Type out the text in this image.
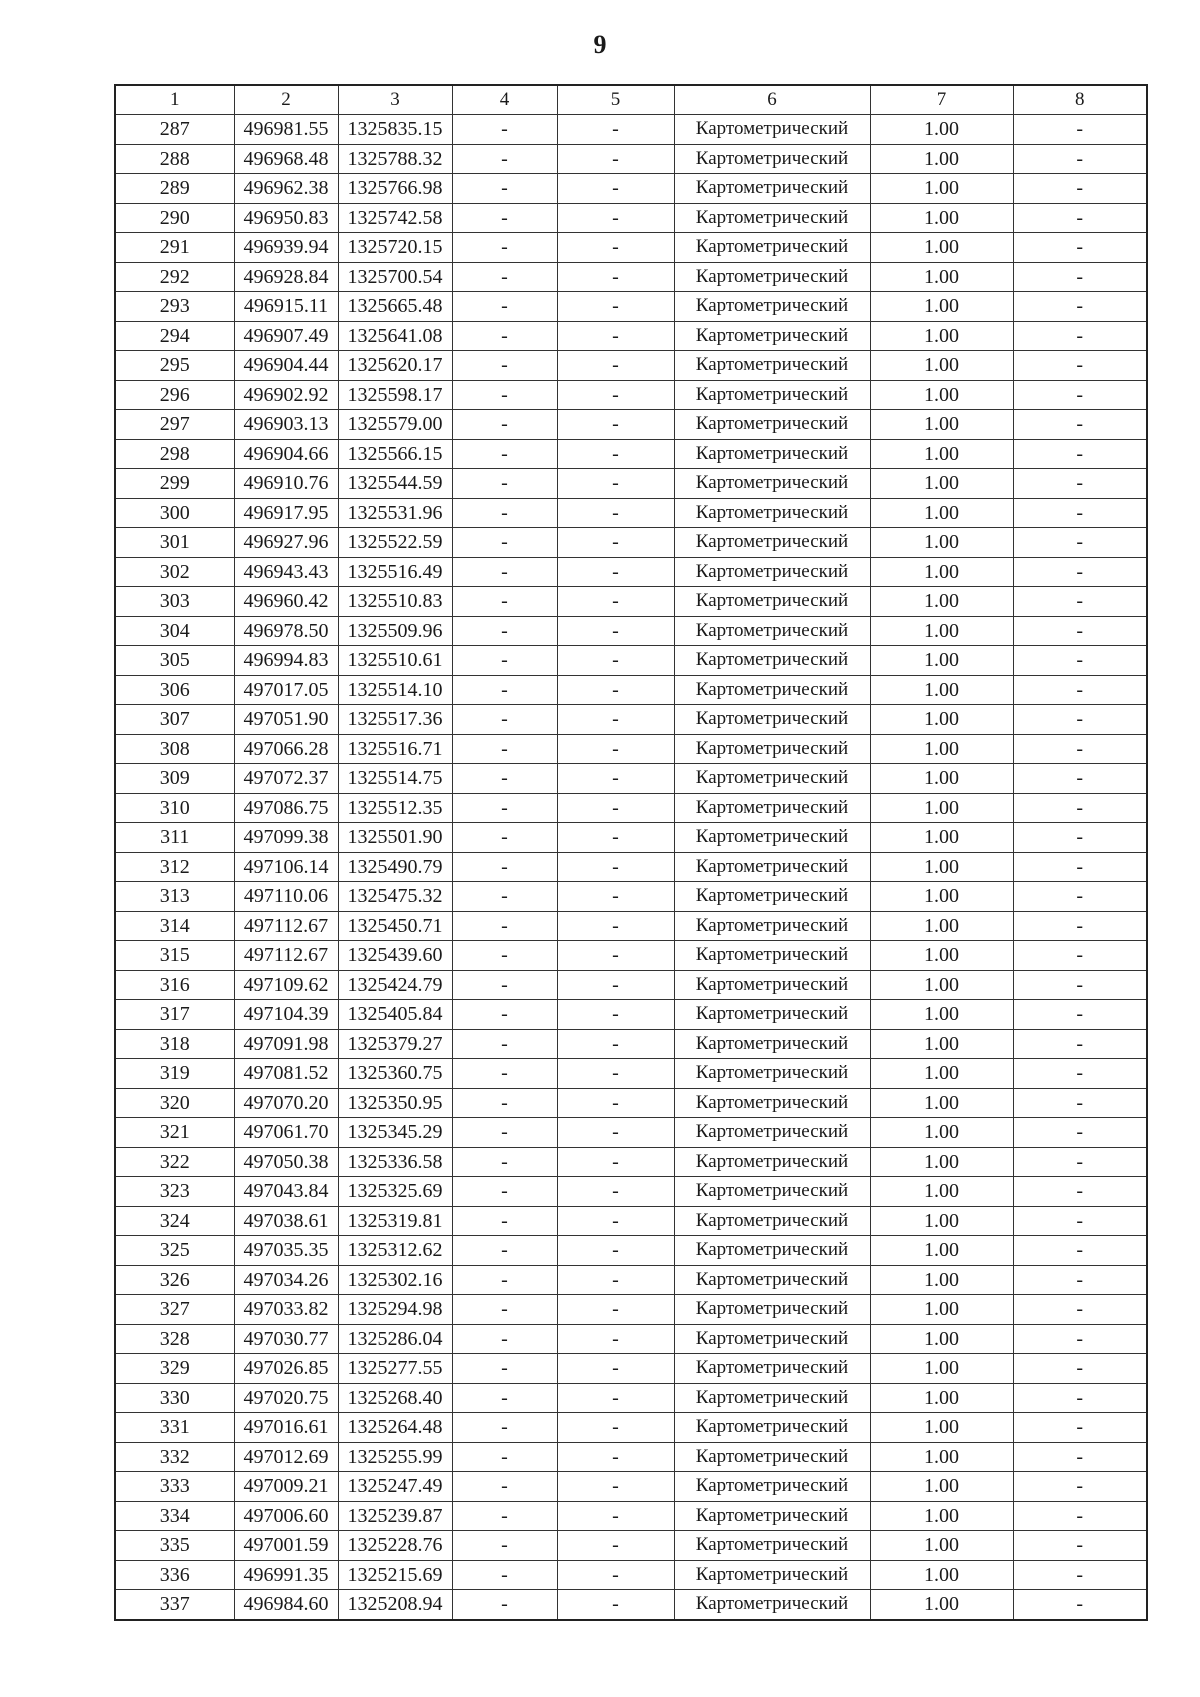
9
1	2	3	4	5	6	7	8
287	496981.55	1325835.15	-	-	Картометрический	1.00	-
288	496968.48	1325788.32	-	-	Картометрический	1.00	-
289	496962.38	1325766.98	-	-	Картометрический	1.00	-
290	496950.83	1325742.58	-	-	Картометрический	1.00	-
291	496939.94	1325720.15	-	-	Картометрический	1.00	-
292	496928.84	1325700.54	-	-	Картометрический	1.00	-
293	496915.11	1325665.48	-	-	Картометрический	1.00	-
294	496907.49	1325641.08	-	-	Картометрический	1.00	-
295	496904.44	1325620.17	-	-	Картометрический	1.00	-
296	496902.92	1325598.17	-	-	Картометрический	1.00	-
297	496903.13	1325579.00	-	-	Картометрический	1.00	-
298	496904.66	1325566.15	-	-	Картометрический	1.00	-
299	496910.76	1325544.59	-	-	Картометрический	1.00	-
300	496917.95	1325531.96	-	-	Картометрический	1.00	-
301	496927.96	1325522.59	-	-	Картометрический	1.00	-
302	496943.43	1325516.49	-	-	Картометрический	1.00	-
303	496960.42	1325510.83	-	-	Картометрический	1.00	-
304	496978.50	1325509.96	-	-	Картометрический	1.00	-
305	496994.83	1325510.61	-	-	Картометрический	1.00	-
306	497017.05	1325514.10	-	-	Картометрический	1.00	-
307	497051.90	1325517.36	-	-	Картометрический	1.00	-
308	497066.28	1325516.71	-	-	Картометрический	1.00	-
309	497072.37	1325514.75	-	-	Картометрический	1.00	-
310	497086.75	1325512.35	-	-	Картометрический	1.00	-
311	497099.38	1325501.90	-	-	Картометрический	1.00	-
312	497106.14	1325490.79	-	-	Картометрический	1.00	-
313	497110.06	1325475.32	-	-	Картометрический	1.00	-
314	497112.67	1325450.71	-	-	Картометрический	1.00	-
315	497112.67	1325439.60	-	-	Картометрический	1.00	-
316	497109.62	1325424.79	-	-	Картометрический	1.00	-
317	497104.39	1325405.84	-	-	Картометрический	1.00	-
318	497091.98	1325379.27	-	-	Картометрический	1.00	-
319	497081.52	1325360.75	-	-	Картометрический	1.00	-
320	497070.20	1325350.95	-	-	Картометрический	1.00	-
321	497061.70	1325345.29	-	-	Картометрический	1.00	-
322	497050.38	1325336.58	-	-	Картометрический	1.00	-
323	497043.84	1325325.69	-	-	Картометрический	1.00	-
324	497038.61	1325319.81	-	-	Картометрический	1.00	-
325	497035.35	1325312.62	-	-	Картометрический	1.00	-
326	497034.26	1325302.16	-	-	Картометрический	1.00	-
327	497033.82	1325294.98	-	-	Картометрический	1.00	-
328	497030.77	1325286.04	-	-	Картометрический	1.00	-
329	497026.85	1325277.55	-	-	Картометрический	1.00	-
330	497020.75	1325268.40	-	-	Картометрический	1.00	-
331	497016.61	1325264.48	-	-	Картометрический	1.00	-
332	497012.69	1325255.99	-	-	Картометрический	1.00	-
333	497009.21	1325247.49	-	-	Картометрический	1.00	-
334	497006.60	1325239.87	-	-	Картометрический	1.00	-
335	497001.59	1325228.76	-	-	Картометрический	1.00	-
336	496991.35	1325215.69	-	-	Картометрический	1.00	-
337	496984.60	1325208.94	-	-	Картометрический	1.00	-
